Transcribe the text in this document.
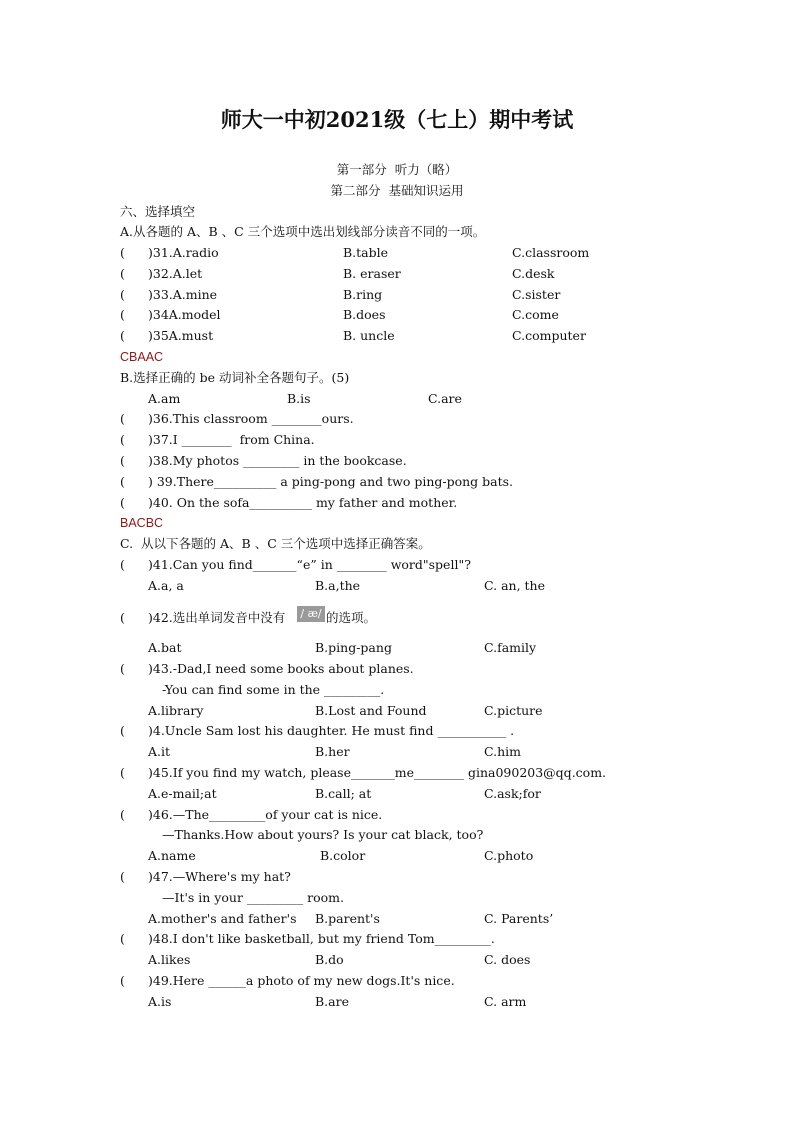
师大一中初2021级（七上）期中考试
第一部分  听力（略）
第二部分  基础知识运用
六、选择填空
A.从各题的 A、B 、C 三个选项中选出划线部分读音不同的一项。
( )31.A.radio	B.table	C.classroom
( )32.A.let	B. eraser	C.desk
( )33.A.mine	B.ring	C.sister
( )34A.model	B.does	C.come
( )35A.must	B. uncle	C.computer
CBAAC
B.选择正确的 be 动词补全各题句子。(5)
A.am	B.is	C.are
( )36.This classroom ________ours.
( )37.I ________  from China.
( )38.My photos _________ in the bookcase.
( ) 39.There__________ a ping-pong and two ping-pong bats.
( )40. On the sofa__________ my father and mother.
BACBC
C.  从以下各题的 A、B 、C 三个选项中选择正确答案。
( )41.Can you find_______“e” in ________ word"spell"?
A.a, a	B.a,the	C. an, the
( )42.选出单词发音中没有	/ æ/ 的选项。
A.bat	B.ping-pang	C.family
( )43.-Dad,I need some books about planes.
-You can find some in the _________.
A.library	B.Lost and Found	C.picture
( )4.Uncle Sam lost his daughter. He must find ___________ .
A.it	B.her	C.him
( )45.If you find my watch, please_______me________ gina090203@qq.com.
A.e-mail;at	B.call; at	C.ask;for
( )46.—The_________of your cat is nice.
—Thanks.How about yours? Is your cat black, too?
A.name	B.color	C.photo
( )47.—Where's my hat?
—It's in your _________ room.
A.mother's and father's B.parent's	C. Parents’
( )48.I don't like basketball, but my friend Tom_________.
A.likes	B.do	C. does
( )49.Here ______a photo of my new dogs.It's nice.
A.is	B.are	C. arm
